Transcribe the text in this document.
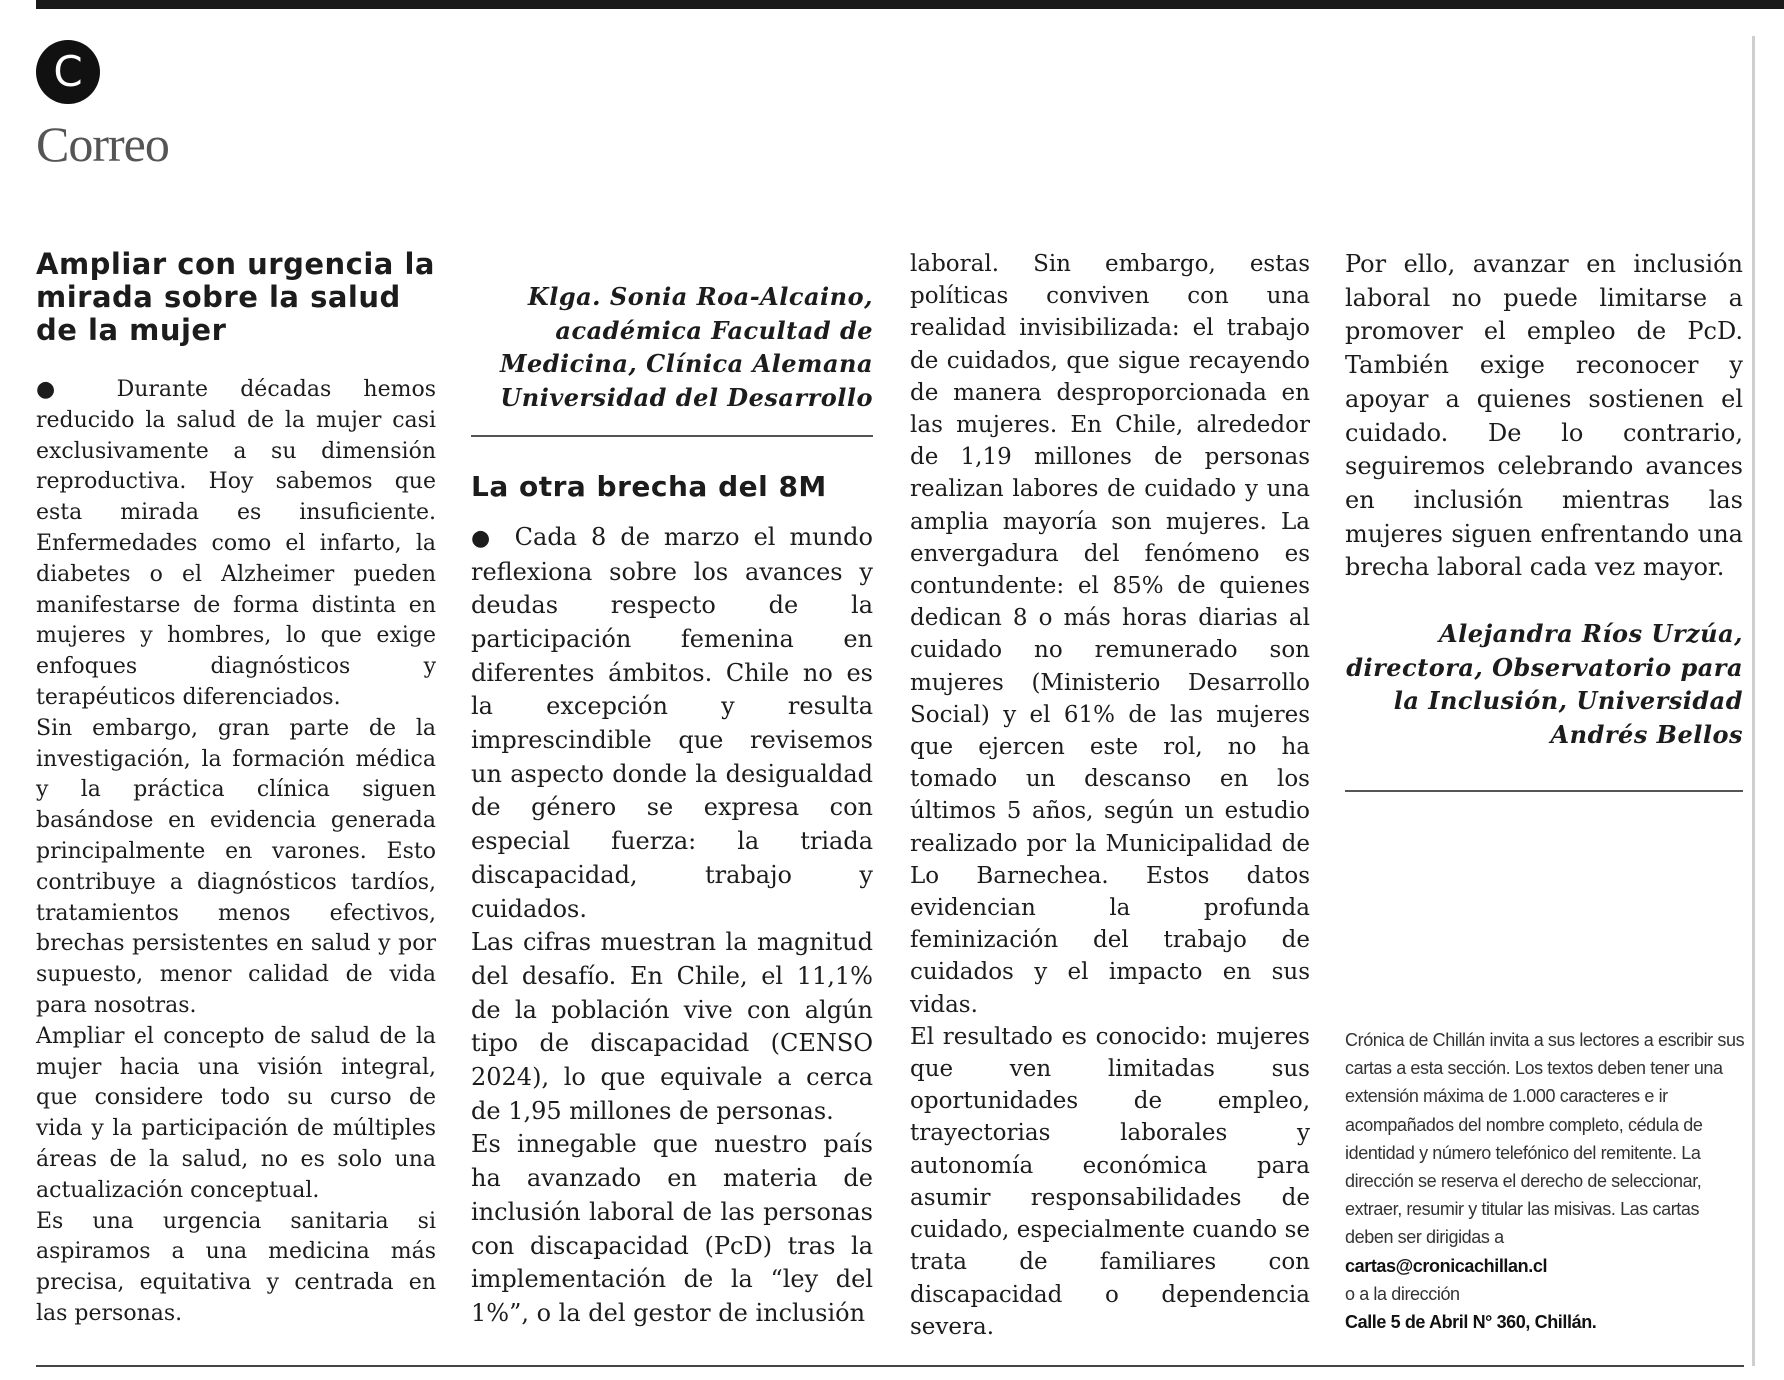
C
Correo
Ampliar con urgencia la mirada sobre la salud de la mujer

● Durante décadas hemos reducido la salud de la mujer casi exclusivamente a su dimensión reproductiva. Hoy sabemos que esta mirada es insuficiente. Enfermedades como el infarto, la diabetes o el Alzheimer pueden manifestarse de forma distinta en mujeres y hombres, lo que exige enfoques diagnósticos y terapéuticos diferenciados.

Sin embargo, gran parte de la investigación, la formación médica y la práctica clínica siguen basándose en evidencia generada principalmente en varones. Esto contribuye a diagnósticos tardíos, tratamientos menos efectivos, brechas persistentes en salud y por supuesto, menor calidad de vida para nosotras.

Ampliar el concepto de salud de la mujer hacia una visión integral, que considere todo su curso de vida y la participación de múltiples áreas de la salud, no es solo una actualización conceptual.

Es una urgencia sanitaria si aspiramos a una medicina más precisa, equitativa y centrada en las personas.

Klga. Sonia Roa-Alcaino,
académica Facultad de
Medicina, Clínica Alemana
Universidad del Desarrollo
La otra brecha del 8M

● Cada 8 de marzo el mundo reflexiona sobre los avances y deudas respecto de la participación femenina en diferentes ámbitos. Chile no es la excepción y resulta imprescindible que revisemos un aspecto donde la desigualdad de género se expresa con especial fuerza: la triada discapacidad, trabajo y cuidados.

Las cifras muestran la magnitud del desafío. En Chile, el 11,1% de la población vive con algún tipo de discapacidad (CENSO 2024), lo que equivale a cerca de 1,95 millones de personas.

Es innegable que nuestro país ha avanzado en materia de inclusión laboral de las personas con discapacidad (PcD) tras la implementación de la “ley del 1%”, o la del gestor de inclusión

laboral. Sin embargo, estas políticas conviven con una realidad invisibilizada: el trabajo de cuidados, que sigue recayendo de manera desproporcionada en las mujeres. En Chile, alrededor de 1,19 millones de personas realizan labores de cuidado y una amplia mayoría son mujeres. La envergadura del fenómeno es contundente: el 85% de quienes dedican 8 o más horas diarias al cuidado no remunerado son mujeres (Ministerio Desarrollo Social) y el 61% de las mujeres que ejercen este rol, no ha tomado un descanso en los últimos 5 años, según un estudio realizado por la Municipalidad de Lo Barnechea. Estos datos evidencian la profunda feminización del trabajo de cuidados y el impacto en sus vidas.

El resultado es conocido: mujeres que ven limitadas sus oportunidades de empleo, trayectorias laborales y autonomía económica para asumir responsabilidades de cuidado, especialmente cuando se trata de familiares con discapacidad o dependencia severa.

Por ello, avanzar en inclusión laboral no puede limitarse a promover el empleo de PcD. También exige reconocer y apoyar a quienes sostienen el cuidado. De lo contrario, seguiremos celebrando avances en inclusión mientras las mujeres siguen enfrentando una brecha laboral cada vez mayor.

Alejandra Ríos Urzúa,
directora, Observatorio para
la Inclusión, Universidad
Andrés Bellos
Crónica de Chillán invita a sus lectores a escribir sus cartas a esta sección. Los textos deben tener una extensión máxima de 1.000 caracteres e ir acompañados del nombre completo, cédula de identidad y número telefónico del remitente. La dirección se reserva el derecho de seleccionar, extraer, resumir y titular las misivas. Las cartas deben ser dirigidas a
cartas@cronicachillan.cl
o a la dirección
Calle 5 de Abril N° 360, Chillán.
